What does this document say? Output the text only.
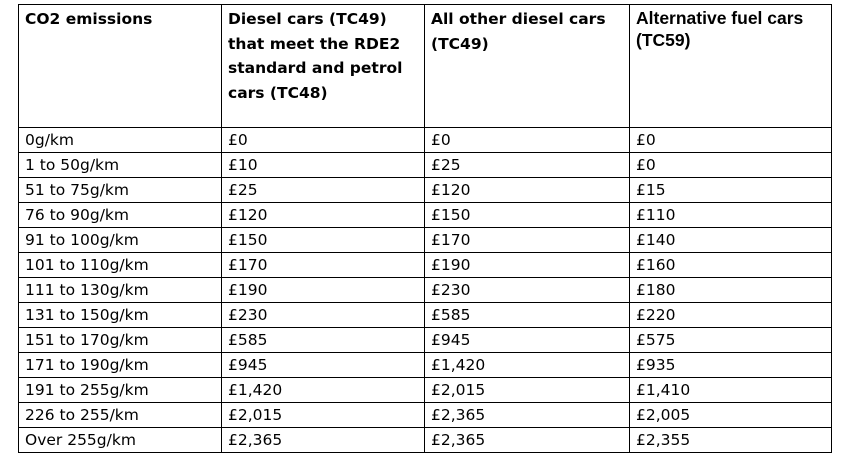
CO2 emissions	Diesel cars (TC49) that meet the RDE2 standard and petrol cars (TC48)	All other diesel cars (TC49)	Alternative fuel cars (TC59)
0g/km	£0	£0	£0
1 to 50g/km	£10	£25	£0
51 to 75g/km	£25	£120	£15
76 to 90g/km	£120	£150	£110
91 to 100g/km	£150	£170	£140
101 to 110g/km	£170	£190	£160
111 to 130g/km	£190	£230	£180
131 to 150g/km	£230	£585	£220
151 to 170g/km	£585	£945	£575
171 to 190g/km	£945	£1,420	£935
191 to 255g/km	£1,420	£2,015	£1,410
226 to 255/km	£2,015	£2,365	£2,005
Over 255g/km	£2,365	£2,365	£2,355
